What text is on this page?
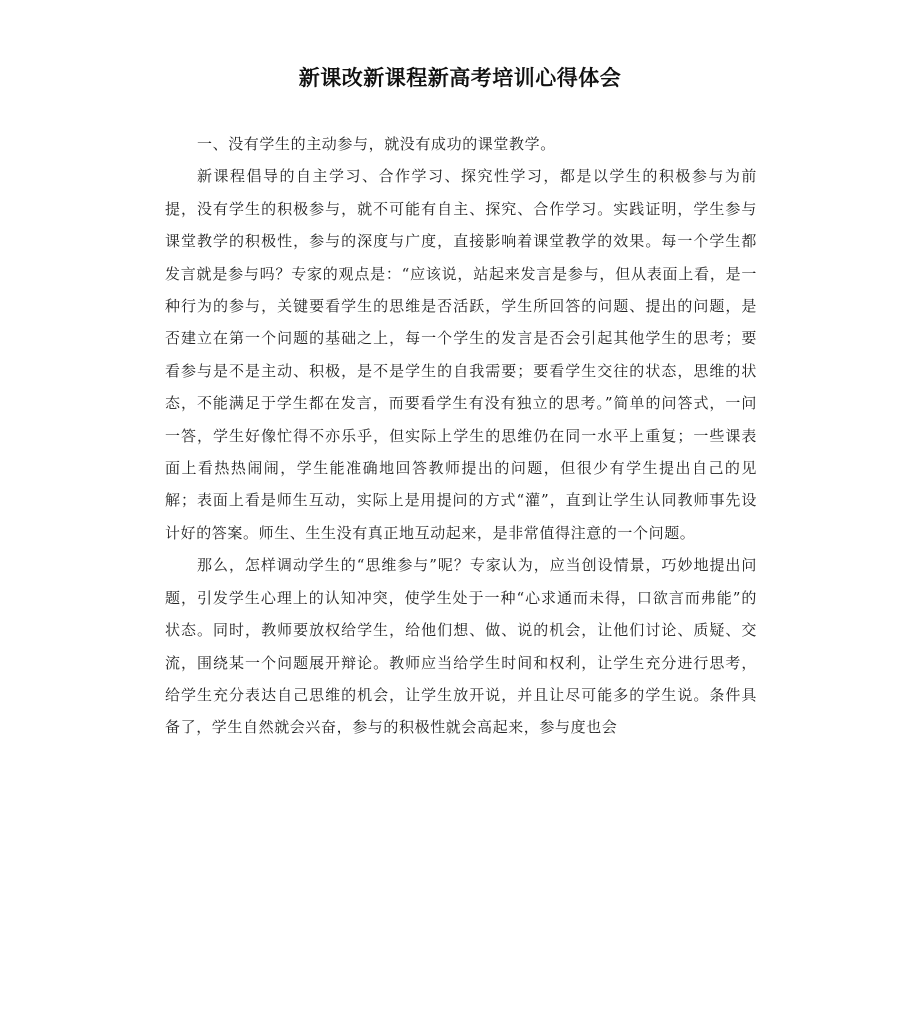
新课改新课程新高考培训心得体会

一、没有学生的主动参与，就没有成功的课堂教学。

新课程倡导的自主学习、合作学习、探究性学习，都是以学生的积极参与为前提，没有学生的积极参与，就不可能有自主、探究、合作学习。实践证明，学生参与课堂教学的积极性，参与的深度与广度，直接影响着课堂教学的效果。每一个学生都发言就是参与吗？专家的观点是：“应该说，站起来发言是参与，但从表面上看，是一种行为的参与，关键要看学生的思维是否活跃，学生所回答的问题、提出的问题，是否建立在第一个问题的基础之上，每一个学生的发言是否会引起其他学生的思考；要看参与是不是主动、积极，是不是学生的自我需要；要看学生交往的状态，思维的状态，不能满足于学生都在发言，而要看学生有没有独立的思考。”简单的问答式，一问一答，学生好像忙得不亦乐乎，但实际上学生的思维仍在同一水平上重复；一些课表面上看热热闹闹，学生能准确地回答教师提出的问题，但很少有学生提出自己的见解；表面上看是师生互动，实际上是用提问的方式“灌”，直到让学生认同教师事先设计好的答案。师生、生生没有真正地互动起来，是非常值得注意的一个问题。

那么，怎样调动学生的“思维参与”呢？专家认为，应当创设情景，巧妙地提出问题，引发学生心理上的认知冲突，使学生处于一种“心求通而未得，口欲言而弗能”的状态。同时，教师要放权给学生，给他们想、做、说的机会，让他们讨论、质疑、交流，围绕某一个问题展开辩论。教师应当给学生时间和权利，让学生充分进行思考，给学生充分表达自己思维的机会，让学生放开说，并且让尽可能多的学生说。条件具备了，学生自然就会兴奋，参与的积极性就会高起来，参与度也会
